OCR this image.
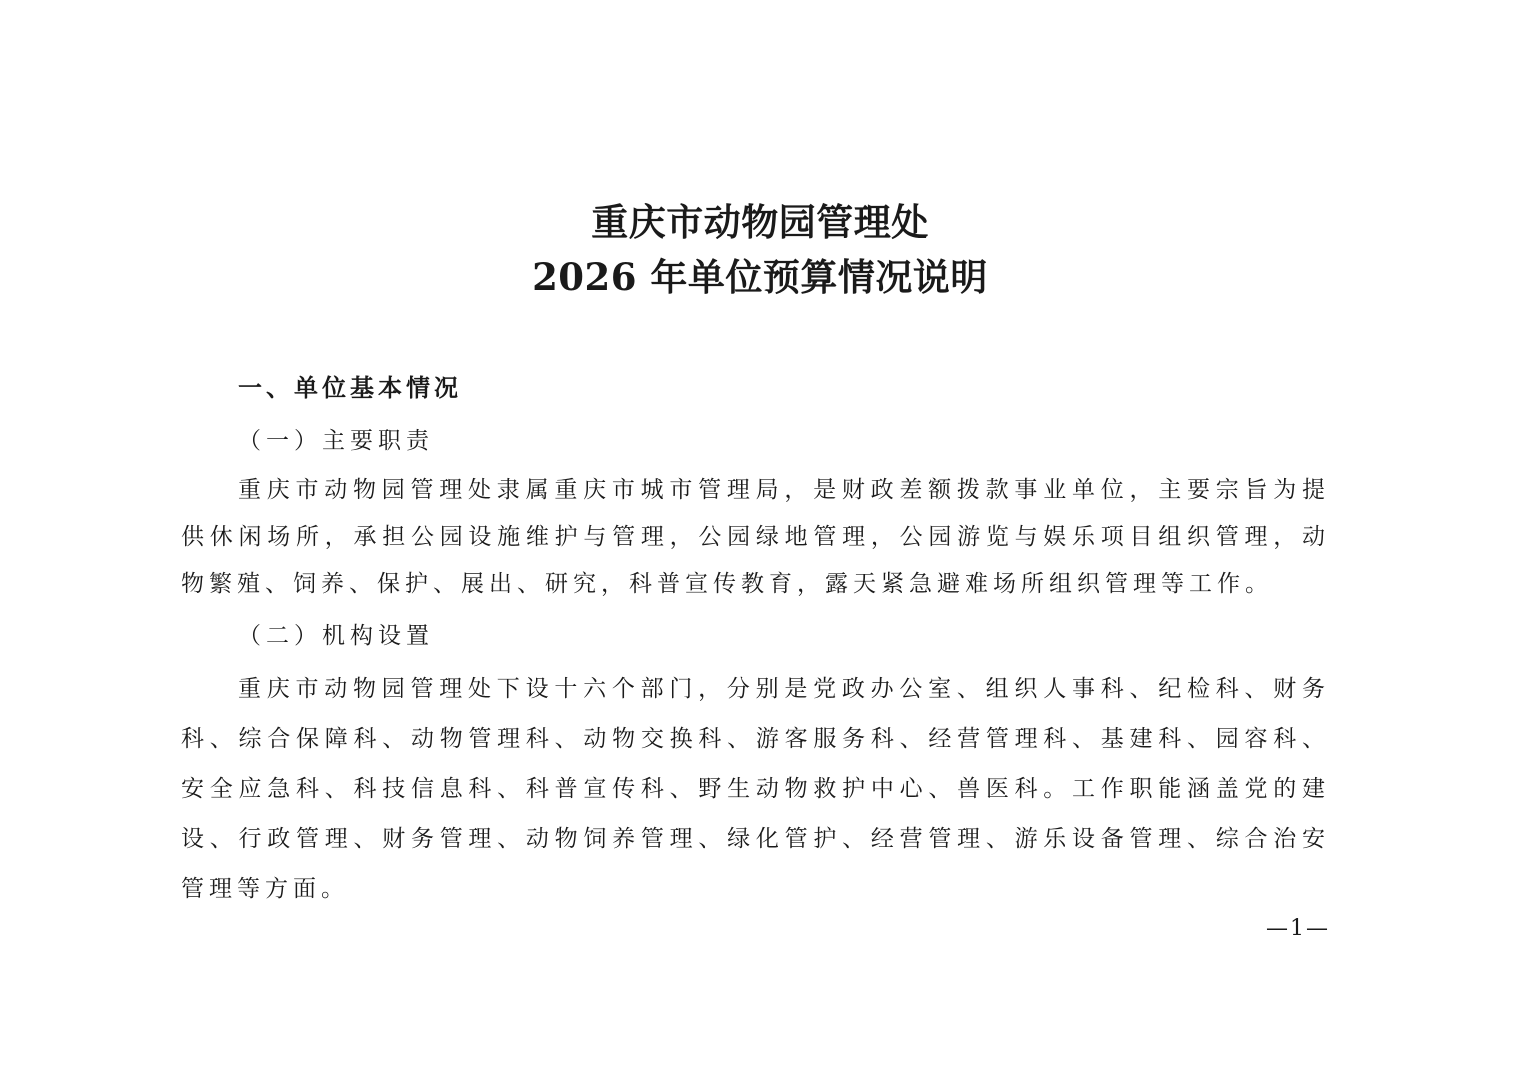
重庆市动物园管理处
2026 年单位预算情况说明
一、单位基本情况
（一）主要职责
重庆市动物园管理处隶属重庆市城市管理局，是财政差额拨款事业单位，主要宗旨为提
供休闲场所，承担公园设施维护与管理，公园绿地管理，公园游览与娱乐项目组织管理，动
物繁殖、饲养、保护、展出、研究，科普宣传教育，露天紧急避难场所组织管理等工作。
（二）机构设置
重庆市动物园管理处下设十六个部门，分别是党政办公室、组织人事科、纪检科、财务
科、综合保障科、动物管理科、动物交换科、游客服务科、经营管理科、基建科、园容科、
安全应急科、科技信息科、科普宣传科、野生动物救护中心、兽医科。工作职能涵盖党的建
设、行政管理、财务管理、动物饲养管理、绿化管护、经营管理、游乐设备管理、综合治安
管理等方面。
—1—
